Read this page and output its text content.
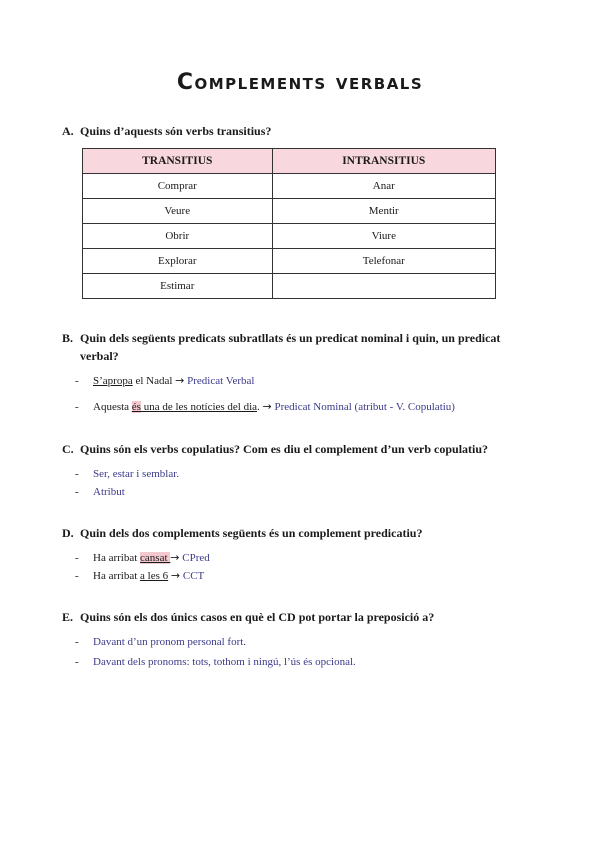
Complements verbals
A. Quins d’aquests són verbs transitius?
TRANSITIUS	INTRANSITIUS
Comprar	Anar
Veure	Mentir
Obrir	Viure
Explorar	Telefonar
Estimar	
B. Quin dels següents predicats subratllats és un predicat nominal i quin, un predicat
verbal?
- S’apropa el Nadal → Predicat Verbal
- Aquesta és una de les notícies del dia. → Predicat Nominal (atribut - V. Copulatiu)
C. Quins són els verbs copulatius? Com es diu el complement d’un verb copulatiu?
- Ser, estar i semblar.
- Atribut
D. Quin dels dos complements següents és un complement predicatiu?
- Ha arribat cansat → CPred
- Ha arribat a les 6 → CCT
E. Quins són els dos únics casos en què el CD pot portar la preposició a?
- Davant d’un pronom personal fort.
- Davant dels pronoms: tots, tothom i ningú, l’ús és opcional.
